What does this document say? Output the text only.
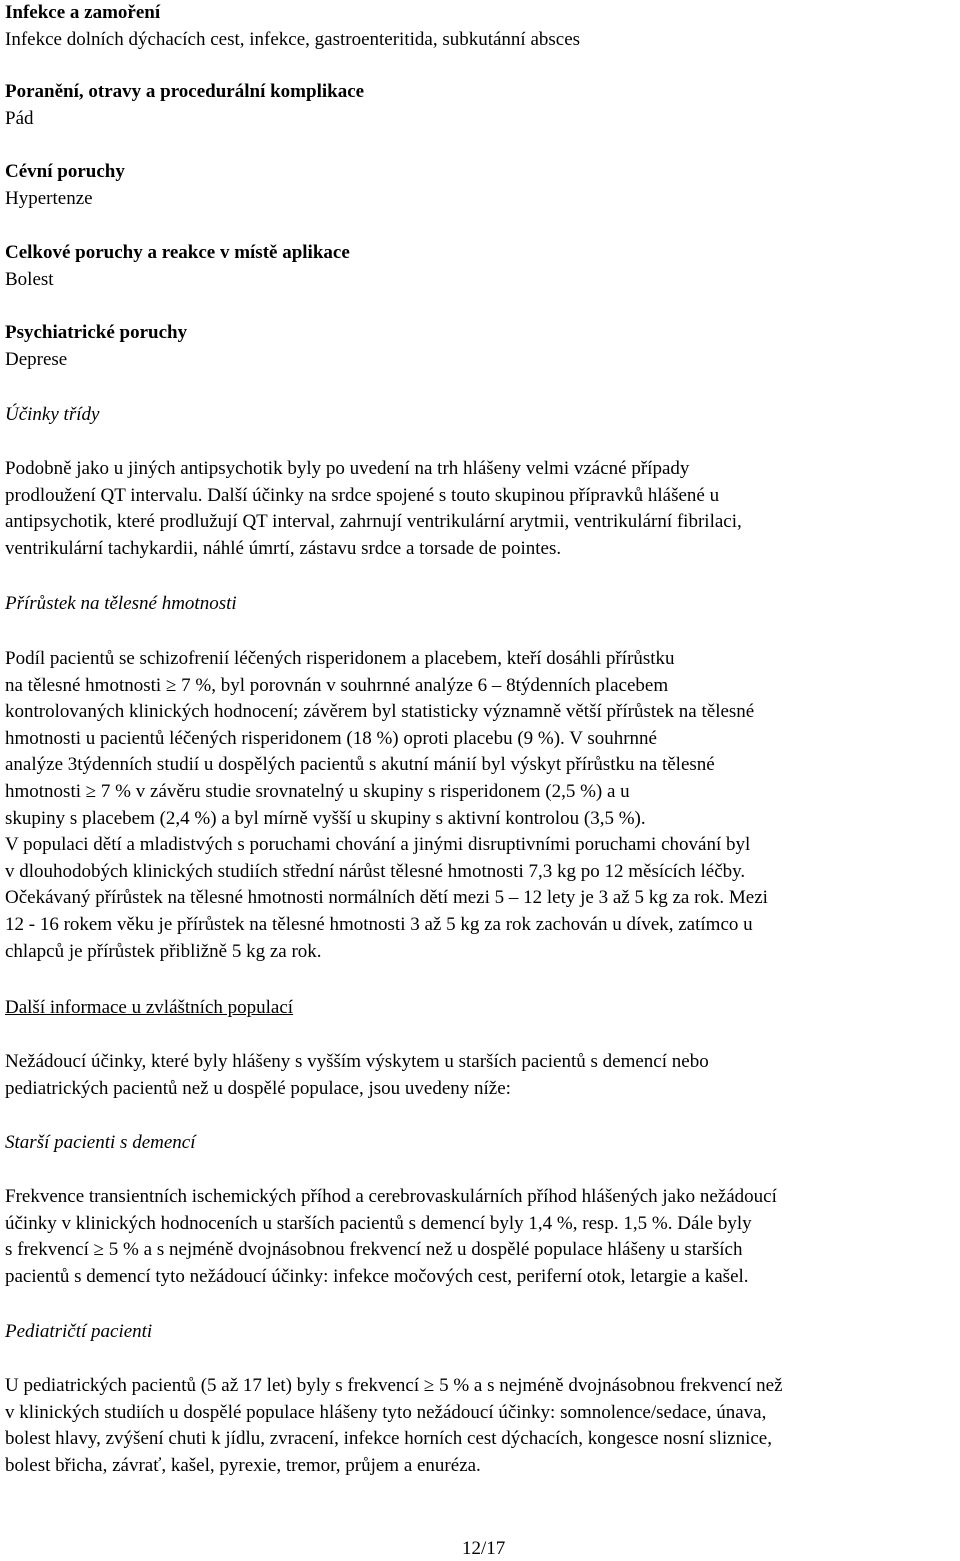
Infekce a zamoření
Infekce dolních dýchacích cest, infekce, gastroenteritida, subkutánní absces
Poranění, otravy a procedurální komplikace
Pád
Cévní poruchy
Hypertenze
Celkové poruchy a reakce v místě aplikace
Bolest
Psychiatrické poruchy
Deprese
Účinky třídy
Podobně jako u jiných antipsychotik byly po uvedení na trh hlášeny velmi vzácné případy
prodloužení QT intervalu. Další účinky na srdce spojené s touto skupinou přípravků hlášené u
antipsychotik, které prodlužují QT interval, zahrnují ventrikulární arytmii, ventrikulární fibrilaci,
ventrikulární tachykardii, náhlé úmrtí, zástavu srdce a torsade de pointes.
Přírůstek na tělesné hmotnosti
Podíl pacientů se schizofrenií léčených risperidonem a placebem, kteří dosáhli přírůstku
na tělesné hmotnosti ≥ 7 %, byl porovnán v souhrnné analýze 6 – 8týdenních placebem
kontrolovaných klinických hodnocení; závěrem byl statisticky významně větší přírůstek na tělesné
hmotnosti u pacientů léčených risperidonem (18 %) oproti placebu (9 %). V souhrnné
analýze 3týdenních studií u dospělých pacientů s akutní mánií byl výskyt přírůstku na tělesné
hmotnosti ≥ 7 % v závěru studie srovnatelný u skupiny s risperidonem (2,5 %) a u
skupiny s placebem (2,4 %) a byl mírně vyšší u skupiny s aktivní kontrolou (3,5 %).
V populaci dětí a mladistvých s poruchami chování a jinými disruptivními poruchami chování byl
v dlouhodobých klinických studiích střední nárůst tělesné hmotnosti 7,3 kg po 12 měsících léčby.
Očekávaný přírůstek na tělesné hmotnosti normálních dětí mezi 5 – 12 lety je 3 až 5 kg za rok. Mezi
12 - 16 rokem věku je přírůstek na tělesné hmotnosti 3 až 5 kg za rok zachován u dívek, zatímco u
chlapců je přírůstek přibližně 5 kg za rok.
Další informace u zvláštních populací
Nežádoucí účinky, které byly hlášeny s vyšším výskytem u starších pacientů s demencí nebo
pediatrických pacientů než u dospělé populace, jsou uvedeny níže:
Starší pacienti s demencí
Frekvence transientních ischemických příhod a cerebrovaskulárních příhod hlášených jako nežádoucí
účinky v klinických hodnoceních u starších pacientů s demencí byly 1,4 %, resp. 1,5 %. Dále byly
s frekvencí ≥ 5 % a s nejméně dvojnásobnou frekvencí než u dospělé populace hlášeny u starších
pacientů s demencí tyto nežádoucí účinky: infekce močových cest, periferní otok, letargie a kašel.
Pediatričtí pacienti
U pediatrických pacientů (5 až 17 let) byly s frekvencí ≥ 5 % a s nejméně dvojnásobnou frekvencí než
v klinických studiích u dospělé populace hlášeny tyto nežádoucí účinky: somnolence/sedace, únava,
bolest hlavy, zvýšení chuti k jídlu, zvracení, infekce horních cest dýchacích, kongesce nosní sliznice,
bolest břicha, závrať, kašel, pyrexie, tremor, průjem a enuréza.
12/17
